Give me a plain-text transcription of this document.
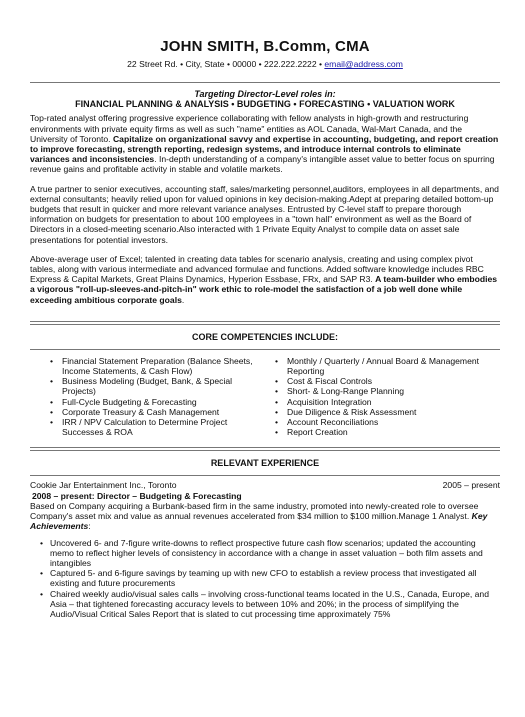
JOHN SMITH, B.Comm, CMA
22 Street Rd. • City, State • 00000 • 222.222.2222 • email@address.com
Targeting Director-Level roles in:
FINANCIAL PLANNING & ANALYSIS • BUDGETING • FORECASTING • VALUATION WORK

Top-rated analyst offering progressive experience collaborating with fellow analysts in high-growth and restructuring environments with private equity firms as well as such "name" entities as AOL Canada, Wal-Mart Canada, and the University of Toronto. Capitalize on organizational savvy and expertise in accounting, budgeting, and report creation to improve forecasting, strength reporting, redesign systems, and introduce internal controls to eliminate variances and inconsistencies. In-depth understanding of a company's intangible asset value to better focus on spurring revenue gains and profitable activity in stable and volatile markets.

A true partner to senior executives, accounting staff, sales/marketing personnel,auditors, employees in all departments, and external consultants; heavily relied upon for valued opinions in key decision-making.Adept at preparing detailed bottom-up budgets that result in quicker and more relevant variance analyses. Entrusted by C-level staff to prepare thorough information on budgets for presentation to about 100 employees in a "town hall" environment as well as the Board of Directors in a closed-meeting scenario.Also interacted with 1 Private Equity Analyst to compile data on asset sale presentations for potential investors.

Above-average user of Excel; talented in creating data tables for scenario analysis, creating and using complex pivot tables, along with various intermediate and advanced formulae and functions. Added software knowledge includes RBC Express & Capital Markets, Great Plains Dynamics, Hyperion Essbase, FRx, and SAP R3. A team-builder who embodies a vigorous "roll-up-sleeves-and-pitch-in" work ethic to role-model the satisfaction of a job well done while exceeding ambitious corporate goals.

CORE COMPETENCIES INCLUDE:
• Financial Statement Preparation (Balance Sheets, Income Statements, & Cash Flow)
• Business Modeling (Budget, Bank, & Special Projects)
• Full-Cycle Budgeting & Forecasting
• Corporate Treasury & Cash Management
• IRR / NPV Calculation to Determine Project Successes & ROA
• Monthly / Quarterly / Annual Board & Management Reporting
• Cost & Fiscal Controls
• Short- & Long-Range Planning
• Acquisition Integration
• Due Diligence & Risk Assessment
• Account Reconciliations
• Report Creation
RELEVANT EXPERIENCE
Cookie Jar Entertainment Inc., Toronto	2005 – present
2008 – present: Director – Budgeting & Forecasting

Based on Company acquiring a Burbank-based firm in the same industry, promoted into newly-created role to oversee Company's asset mix and value as annual revenues accelerated from $34 million to $100 million.Manage 1 Analyst. Key Achievements:

• Uncovered 6- and 7-figure write-downs to reflect prospective future cash flow scenarios; updated the accounting memo to reflect higher levels of consistency in accordance with a change in asset valuation – both film assets and intangibles
• Captured 5- and 6-figure savings by teaming up with new CFO to establish a review process that investigated all existing and future procurements
• Chaired weekly audio/visual sales calls – involving cross-functional teams located in the U.S., Canada, Europe, and Asia – that tightened forecasting accuracy levels to between 10% and 20%; in the process of simplifying the Audio/Visual Critical Sales Report that is slated to cut processing time approximately 75%
